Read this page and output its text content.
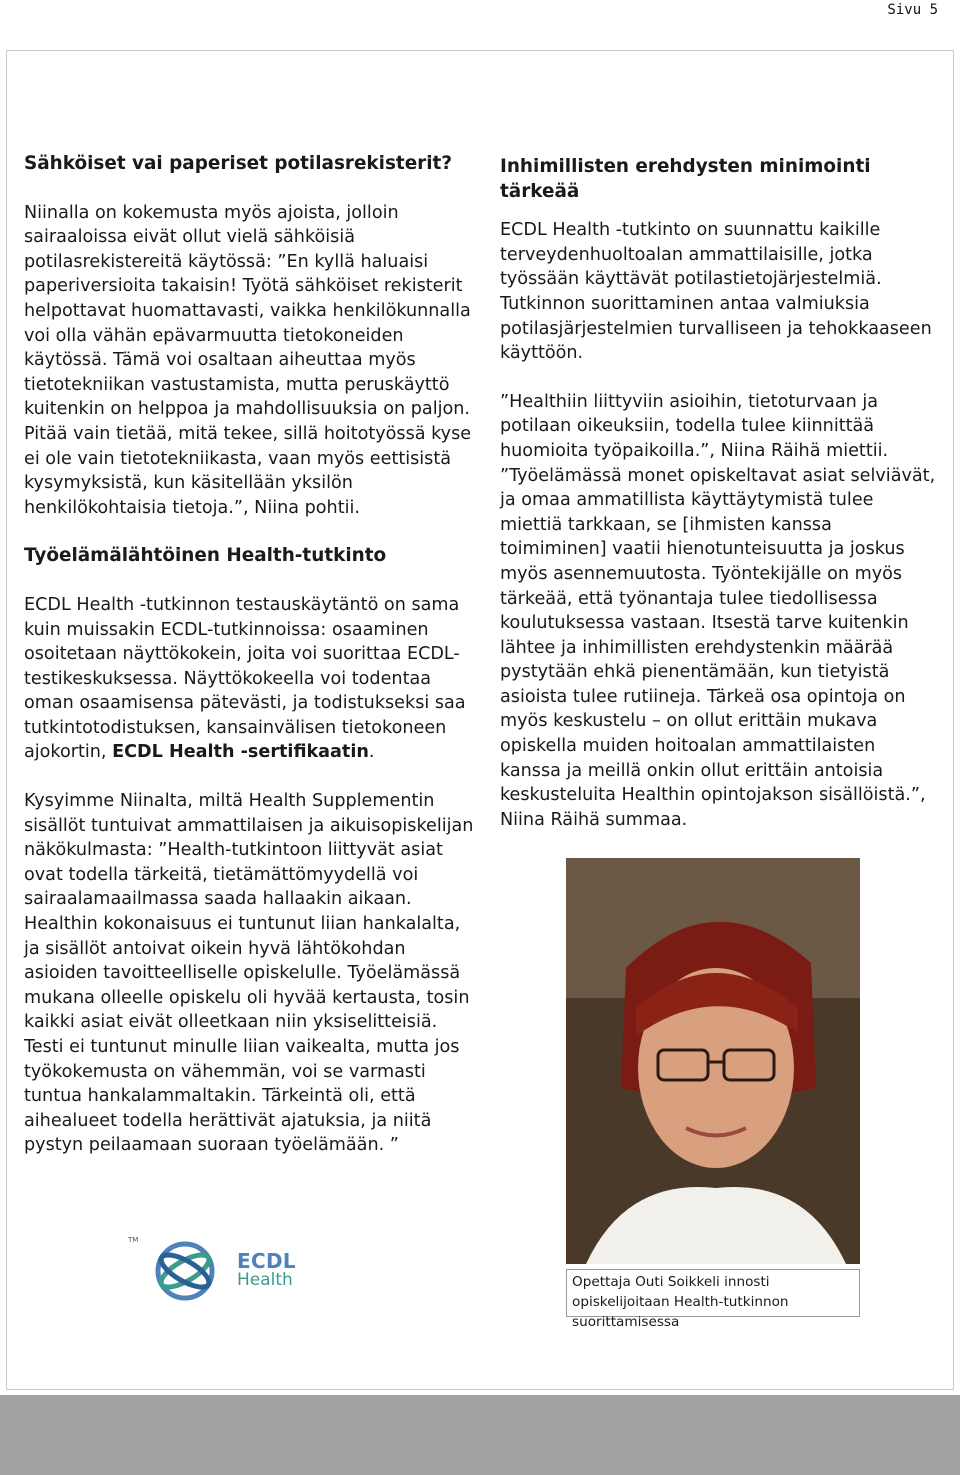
Sivu 5

Sähköiset vai paperiset potilasrekisterit?

Niinalla on kokemusta myös ajoista, jolloin sairaaloissa eivät ollut vielä sähköisiä potilasrekistereitä käytössä: ”En kyllä haluaisi paperiversioita takaisin! Työtä sähköiset rekisterit helpottavat huomattavasti, vaikka henkilökunnalla voi olla vähän epävarmuutta tietokoneiden käytössä. Tämä voi osaltaan aiheuttaa myös tietotekniikan vastustamista, mutta peruskäyttö kuitenkin on helppoa ja mahdollisuuksia on paljon. Pitää vain tietää, mitä tekee, sillä hoitotyössä kyse ei ole vain tietotekniikasta, vaan myös eettisistä kysymyksistä, kun käsitellään yksilön henkilökohtaisia tietoja.”, Niina pohtii.

Työelämälähtöinen Health-tutkinto

ECDL Health -tutkinnon testauskäytäntö on sama kuin muissakin ECDL-tutkinnoissa: osaaminen osoitetaan näyttökokein, joita voi suorittaa ECDL-testikeskuksessa. Näyttökokeella voi todentaa oman osaamisensa pätevästi, ja todistukseksi saa tutkintotodistuksen, kansainvälisen tietokoneen ajokortin, ECDL Health -sertifikaatin.

Kysyimme Niinalta, miltä Health Supplementin sisällöt tuntuivat ammattilaisen ja aikuisopiskelijan näkökulmasta: ”Health-tutkintoon liittyvät asiat ovat todella tärkeitä, tietämättömyydellä voi sairaalamaailmassa saada hallaakin aikaan. Healthin kokonaisuus ei tuntunut liian hankalalta, ja sisällöt antoivat oikein hyvä lähtökohdan asioiden tavoitteelliselle opiskelulle. Työelämässä mukana olleelle opiskelu oli hyvää kertausta, tosin kaikki asiat eivät olleetkaan niin yksiselitteisiä. Testi ei tuntunut minulle liian vaikealta, mutta jos työkokemusta on vähemmän, voi se varmasti tuntua hankalammaltakin. Tärkeintä oli, että aihealueet todella herättivät ajatuksia, ja niitä pystyn peilaamaan suoraan työelämään. ”

Inhimillisten erehdysten minimointi tärkeää

ECDL Health -tutkinto on suunnattu kaikille terveydenhuoltoalan ammattilaisille, jotka työssään käyttävät potilastietojärjestelmiä. Tutkinnon suorittaminen antaa valmiuksia potilasjärjestelmien turvalliseen ja tehokkaaseen käyttöön.

”Healthiin liittyviin asioihin, tietoturvaan ja potilaan oikeuksiin, todella tulee kiinnittää huomioita työpaikoilla.”, Niina Räihä miettii.

”Työelämässä monet opiskeltavat asiat selviävät, ja omaa ammatillista käyttäytymistä tulee miettiä tarkkaan, se [ihmisten kanssa toimiminen] vaatii hienotunteisuutta ja joskus myös asennemuutosta. Työntekijälle on myös tärkeää, että työnantaja tulee tiedollisessa koulutuksessa vastaan. Itsestä tarve kuitenkin lähtee ja inhimillisten erehdystenkin määrää pystytään ehkä pienentämään, kun tietyistä asioista tulee rutiineja. Tärkeä osa opintoja on myös keskustelu – on ollut erittäin mukava opiskella muiden hoitoalan ammattilaisten kanssa ja meillä onkin ollut erittäin antoisia keskusteluita Healthin opintojakson sisällöistä.”, Niina Räihä summaa.

Opettaja Outi Soikkeli innosti opiskelijoitaan Health-tutkinnon suorittamisessa
TM
ECDL
Health
